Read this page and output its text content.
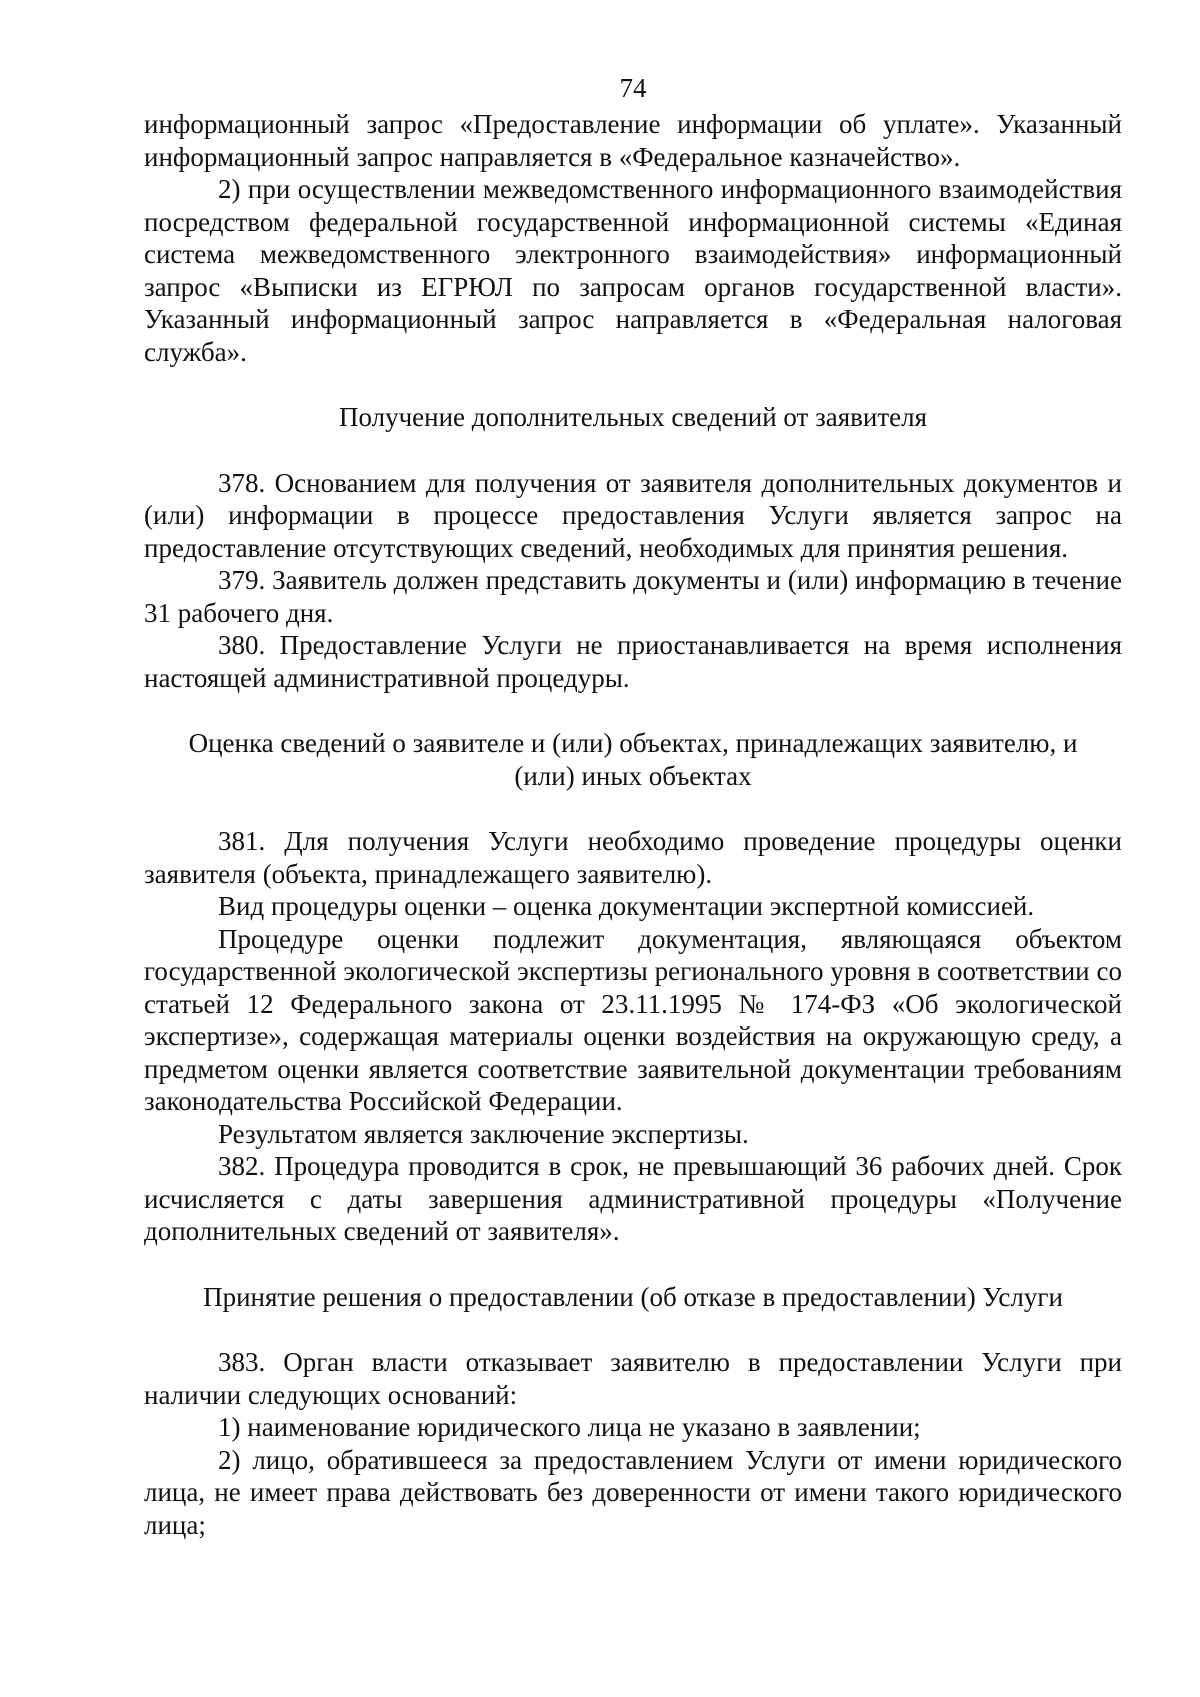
74

информационный запрос «Предоставление информации об уплате». Указанный информационный запрос направляется в «Федеральное казначейство».

2) при осуществлении межведомственного информационного взаимодействия посредством федеральной государственной информационной системы «Единая система межведомственного электронного взаимодействия» информационный запрос «Выписки из ЕГРЮЛ по запросам органов государственной власти». Указанный информационный запрос направляется в «Федеральная налоговая служба».

Получение дополнительных сведений от заявителя

378. Основанием для получения от заявителя дополнительных документов и (или) информации в процессе предоставления Услуги является запрос на предоставление отсутствующих сведений, необходимых для принятия решения.

379. Заявитель должен представить документы и (или) информацию в течение 31 рабочего дня.

380. Предоставление Услуги не приостанавливается на время исполнения настоящей административной процедуры.

Оценка сведений о заявителе и (или) объектах, принадлежащих заявителю, и (или) иных объектах

381. Для получения Услуги необходимо проведение процедуры оценки заявителя (объекта, принадлежащего заявителю).

Вид процедуры оценки – оценка документации экспертной комиссией.

Процедуре оценки подлежит документация, являющаяся объектом государственной экологической экспертизы регионального уровня в соответствии со статьей 12 Федерального закона от 23.11.1995 № 174-ФЗ «Об экологической экспертизе», содержащая материалы оценки воздействия на окружающую среду, а предметом оценки является соответствие заявительной документации требованиям законодательства Российской Федерации.

Результатом является заключение экспертизы.

382. Процедура проводится в срок, не превышающий 36 рабочих дней. Срок исчисляется с даты завершения административной процедуры «Получение дополнительных сведений от заявителя».

Принятие решения о предоставлении (об отказе в предоставлении) Услуги

383. Орган власти отказывает заявителю в предоставлении Услуги при наличии следующих оснований:

1) наименование юридического лица не указано в заявлении;

2) лицо, обратившееся за предоставлением Услуги от имени юридического лица, не имеет права действовать без доверенности от имени такого юридического лица;
